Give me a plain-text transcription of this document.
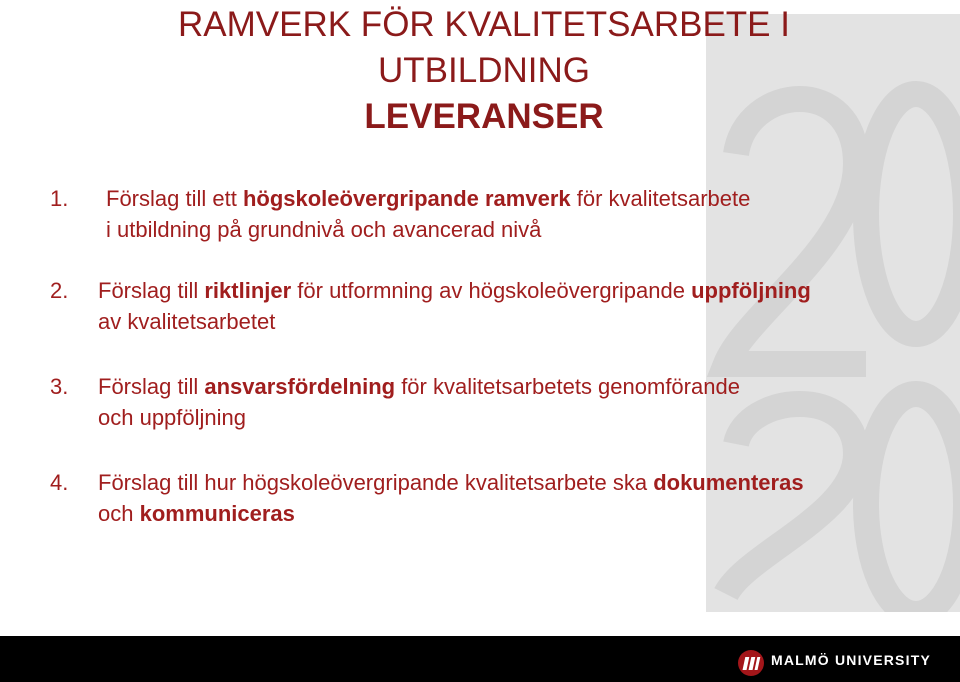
RAMVERK FÖR KVALITETSARBETE I
UTBILDNING
LEVERANSER
1.	Förslag till ett högskoleövergripande ramverk för kvalitetsarbete
i utbildning på grundnivå och avancerad nivå
2.	Förslag till riktlinjer för utformning av högskoleövergripande uppföljning
av kvalitetsarbetet
3.	Förslag till ansvarsfördelning för kvalitetsarbetets genomförande
och uppföljning
4.	Förslag till hur högskoleövergripande kvalitetsarbete ska dokumenteras
och kommuniceras
MALMÖ UNIVERSITY
